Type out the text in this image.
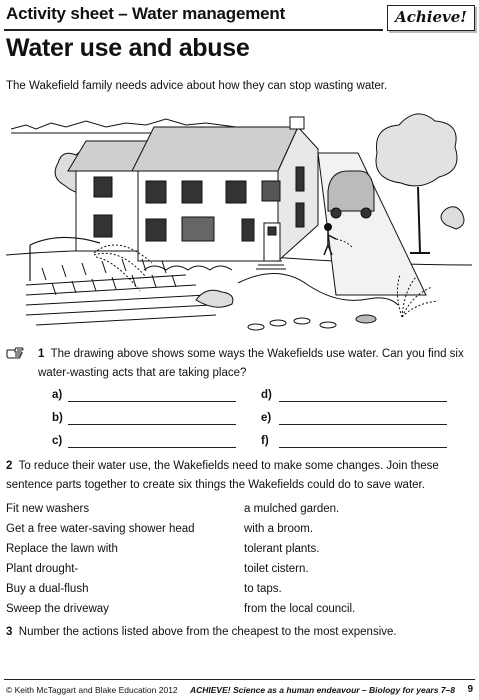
Activity sheet – Water management	Achieve!
Water use and abuse
The Wakefield family needs advice about how they can stop wasting water.
1 The drawing above shows some ways the Wakefields use water. Can you find six water-wasting acts that are taking place?
a)
b)
c)
d)
e)
f)
2 To reduce their water use, the Wakefields need to make some changes. Join these sentence parts together to create six things the Wakefields could do to save water.
Fit new washers
Get a free water-saving shower head
Replace the lawn with
Plant drought-
Buy a dual-flush
Sweep the driveway
a mulched garden.
with a broom.
tolerant plants.
toilet cistern.
to taps.
from the local council.
3 Number the actions listed above from the cheapest to the most expensive.
© Keith McTaggart and Blake Education 2012 ACHIEVE! Science as a human endeavour – Biology for years 7–8 9
